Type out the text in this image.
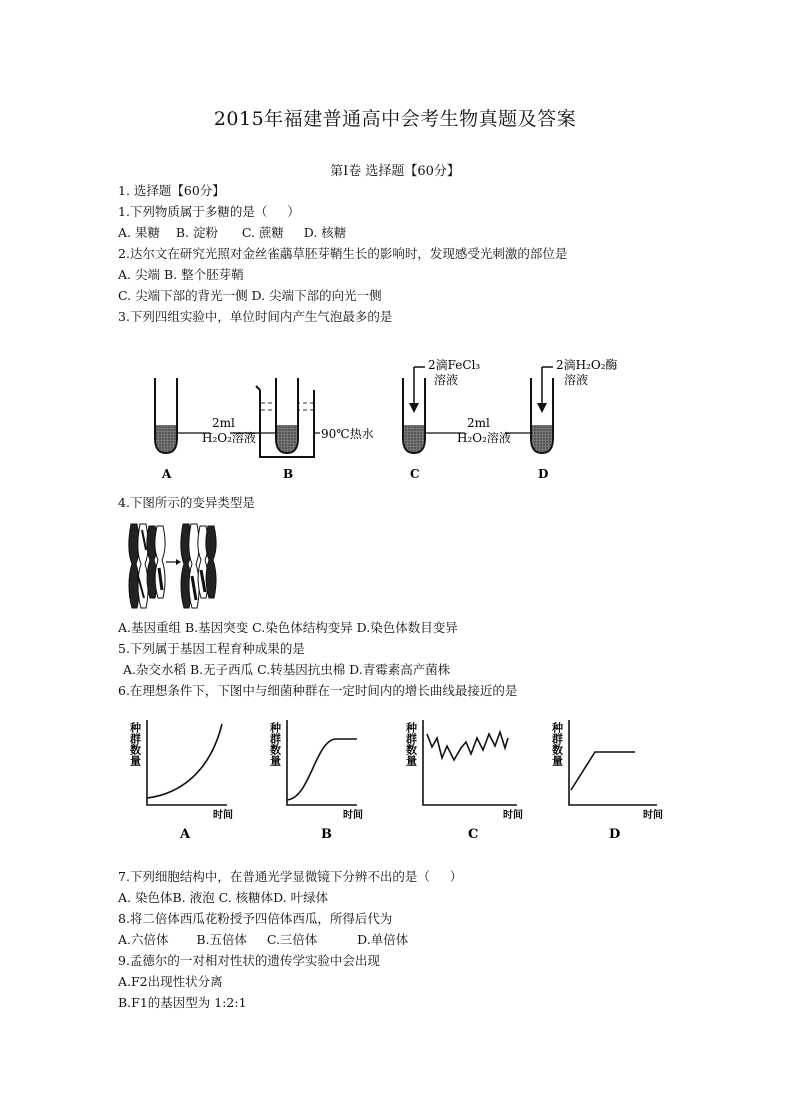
2015年福建普通高中会考生物真题及答案
第Ⅰ卷 选择题【60分】
1. 选择题【60分】
1.下列物质属于多糖的是（     ）
A. 果糖    B. 淀粉      C. 蔗糖     D. 核糖
2.达尔文在研究光照对金丝雀虉草胚芽鞘生长的影响时，发现感受光刺激的部位是
A. 尖端 B. 整个胚芽鞘
C. 尖端下部的背光一侧 D. 尖端下部的向光一侧
3.下列四组实验中，单位时间内产生气泡最多的是
2ml
H₂O₂溶液	90℃热水
2滴FeCl₃
溶液
2ml
H₂O₂溶液
2滴H₂O₂酶
溶液
A	B	C	D
4.下图所示的变异类型是
A.基因重组 B.基因突变 C.染色体结构变异 D.染色体数目变异
5.下列属于基因工程育种成果的是
A.杂交水稻 B.无子西瓜 C.转基因抗虫棉 D.青霉素高产菌株
6.在理想条件下，下图中与细菌种群在一定时间内的增长曲线最接近的是
种群数量	种群数量	种群数量	种群数量
时间	时间	时间	时间
A	B	C	D
7.下列细胞结构中，在普通光学显微镜下分辨不出的是（     ）
A. 染色体B. 液泡 C. 核糖体D. 叶绿体
8.将二倍体西瓜花粉授予四倍体西瓜，所得后代为
A.六倍体       B.五倍体     C.三倍体          D.单倍体
9.孟德尔的一对相对性状的遗传学实验中会出现
A.F2出现性状分离
B.F1的基因型为 1:2:1
